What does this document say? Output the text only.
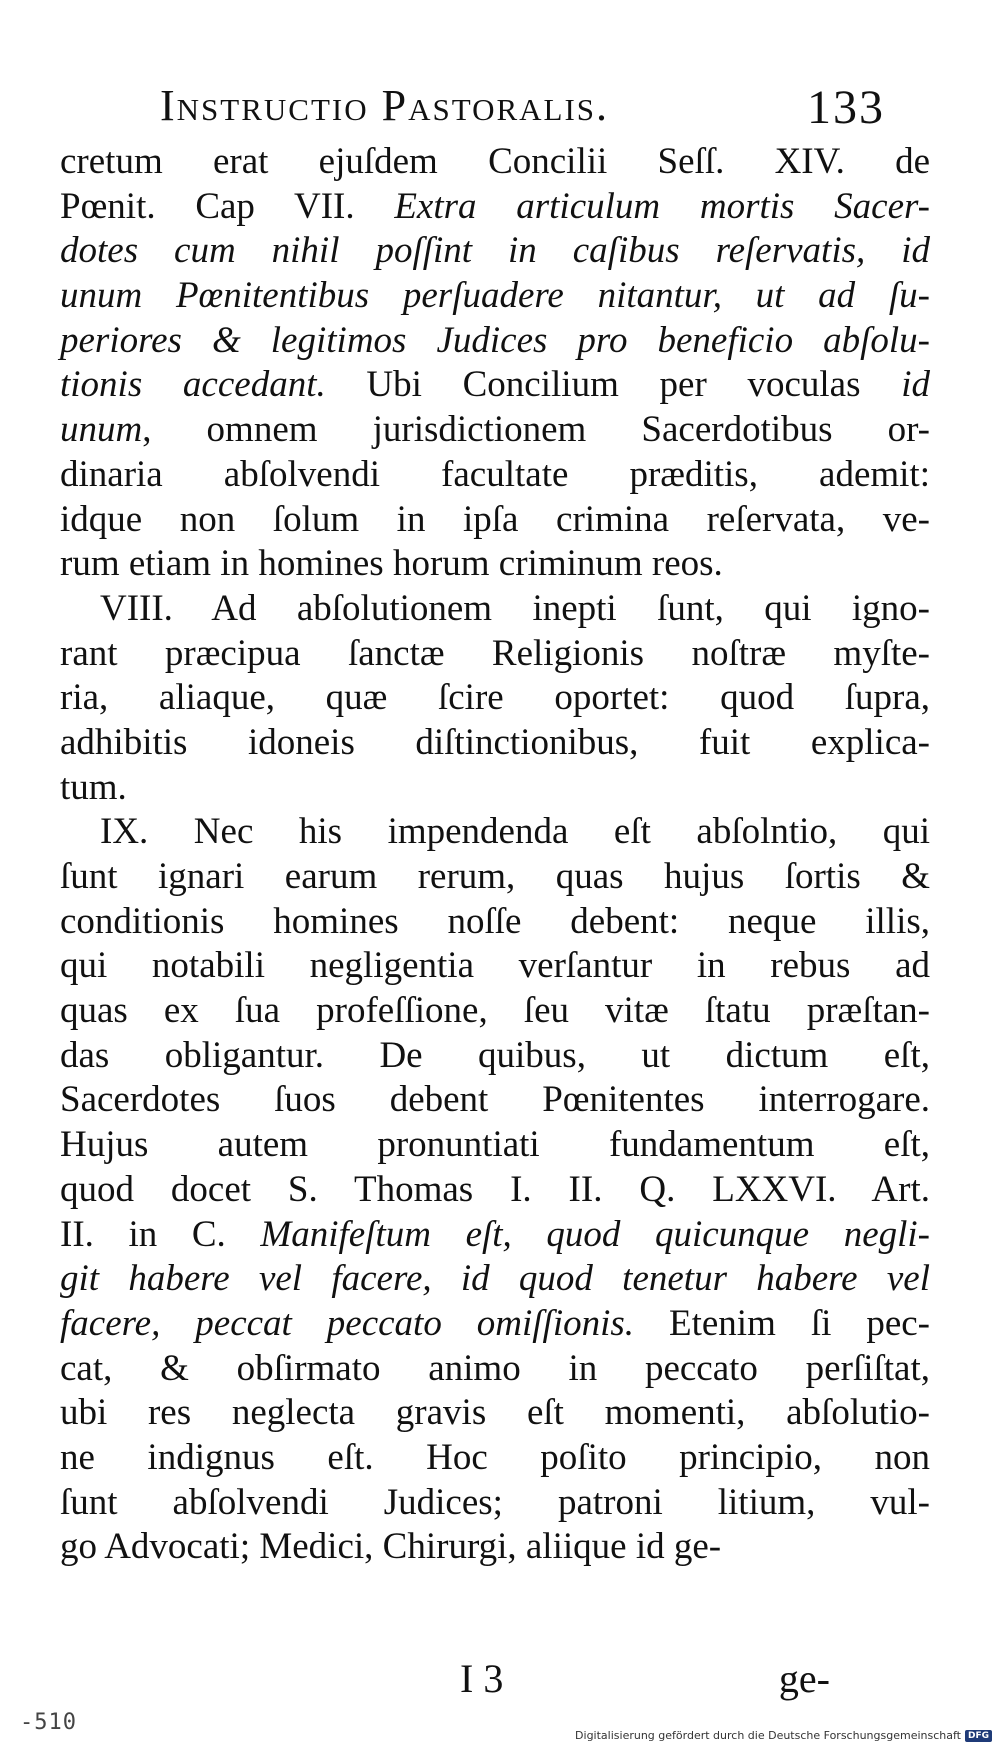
Instructio Pastoralis.	133
cretum erat ejuſdem Concilii Seſſ. XIV. de
Pœnit. Cap VII. Extra articulum mortis Sacer-
dotes cum nihil poſſint in caſibus reſervatis, id
unum Pœnitentibus perſuadere nitantur, ut ad ſu-
periores & legitimos Judices pro beneficio abſolu-
tionis accedant. Ubi Concilium per voculas id
unum, omnem jurisdictionem Sacerdotibus or-
dinaria abſolvendi facultate præditis, ademit:
idque non ſolum in ipſa crimina reſervata, ve-
rum etiam in homines horum criminum reos.
VIII. Ad abſolutionem inepti ſunt, qui igno-
rant præcipua ſanctæ Religionis noſtræ myſte-
ria, aliaque, quæ ſcire oportet: quod ſupra,
adhibitis idoneis diſtinctionibus, fuit explica-
tum.
IX. Nec his impendenda eſt abſolntio, qui
ſunt ignari earum rerum, quas hujus ſortis &
conditionis homines noſſe debent: neque illis,
qui notabili negligentia verſantur in rebus ad
quas ex ſua profeſſione, ſeu vitæ ſtatu præſtan-
das obligantur. De quibus, ut dictum eſt,
Sacerdotes ſuos debent Pœnitentes interrogare.
Hujus autem pronuntiati fundamentum eſt,
quod docet S. Thomas I. II. Q. LXXVI. Art.
II. in C. Manifeſtum eſt, quod quicunque negli-
git habere vel facere, id quod tenetur habere vel
facere, peccat peccato omiſſionis. Etenim ſi pec-
cat, & obſirmato animo in peccato perſiſtat,
ubi res neglecta gravis eſt momenti, abſolutio-
ne indignus eſt. Hoc poſito principio, non
ſunt abſolvendi Judices; patroni litium, vul-
go Advocati; Medici, Chirurgi, aliique id ge-
I 3	ge-
-510
Digitalisierung gefördert durch die Deutsche Forschungsgemeinschaft DFG
